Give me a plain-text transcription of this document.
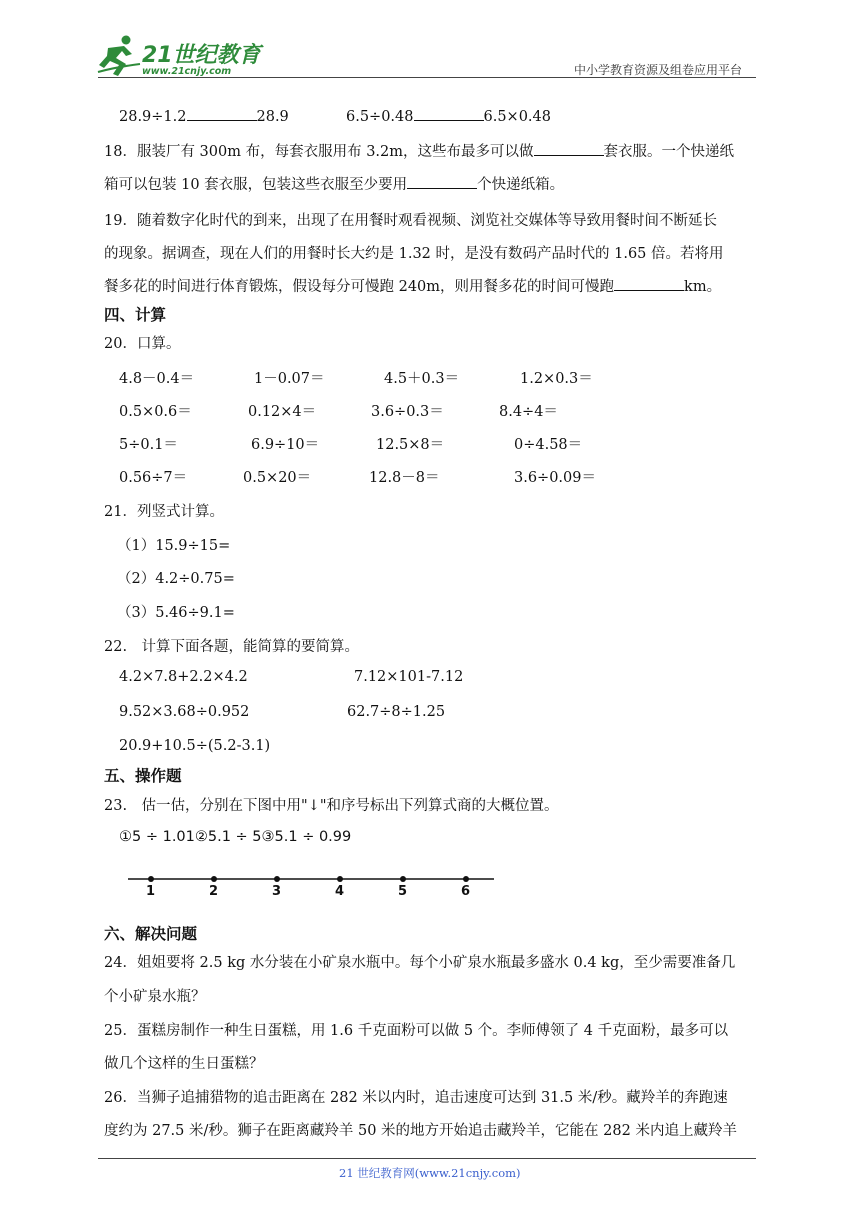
21世纪教育
www.21cnjy.com	中小学教育资源及组卷应用平台
28.9÷1.2	28.9	6.5÷0.48	6.5×0.48
18．服装厂有 300m 布，每套衣服用布 3.2m，这些布最多可以做	套衣服。一个快递纸
箱可以包装 10 套衣服，包装这些衣服至少要用	个快递纸箱。
19．随着数字化时代的到来，出现了在用餐时观看视频、浏览社交媒体等导致用餐时间不断延长
的现象。据调查，现在人们的用餐时长大约是 1.32 时，是没有数码产品时代的 1.65 倍。若将用
餐多花的时间进行体育锻炼，假设每分可慢跑 240m，则用餐多花的时间可慢跑	km。
四、计算
20．口算。
4.8－0.4＝	1－0.07＝	4.5＋0.3＝	1.2×0.3＝
0.5×0.6＝	0.12×4＝	3.6÷0.3＝	8.4÷4＝
5÷0.1＝	6.9÷10＝	12.5×8＝	0÷4.58＝
0.56÷7＝	0.5×20＝	12.8－8＝	3.6÷0.09＝
21．列竖式计算。
（1）15.9÷15=
（2）4.2÷0.75=
（3）5.46÷9.1=
22.　计算下面各题，能简算的要简算。
4.2×7.8+2.2×4.2	7.12×101-7.12
9.52×3.68÷0.952	62.7÷8÷1.25
20.9+10.5÷(5.2-3.1)
五、操作题
23.　估一估，分别在下图中用"↓"和序号标出下列算式商的大概位置。
①5 ÷ 1.01②5.1 ÷ 5③5.1 ÷ 0.99
1	2	3	4	5	6
六、解决问题
24．姐姐要将 2.5 kg 水分装在小矿泉水瓶中。每个小矿泉水瓶最多盛水 0.4 kg，至少需要准备几
个小矿泉水瓶？
25．蛋糕房制作一种生日蛋糕，用 1.6 千克面粉可以做 5 个。李师傅领了 4 千克面粉，最多可以
做几个这样的生日蛋糕？
26．当狮子追捕猎物的追击距离在 282 米以内时，追击速度可达到 31.5 米/秒。藏羚羊的奔跑速
度约为 27.5 米/秒。狮子在距离藏羚羊 50 米的地方开始追击藏羚羊，它能在 282 米内追上藏羚羊
21 世纪教育网(www.21cnjy.com)
